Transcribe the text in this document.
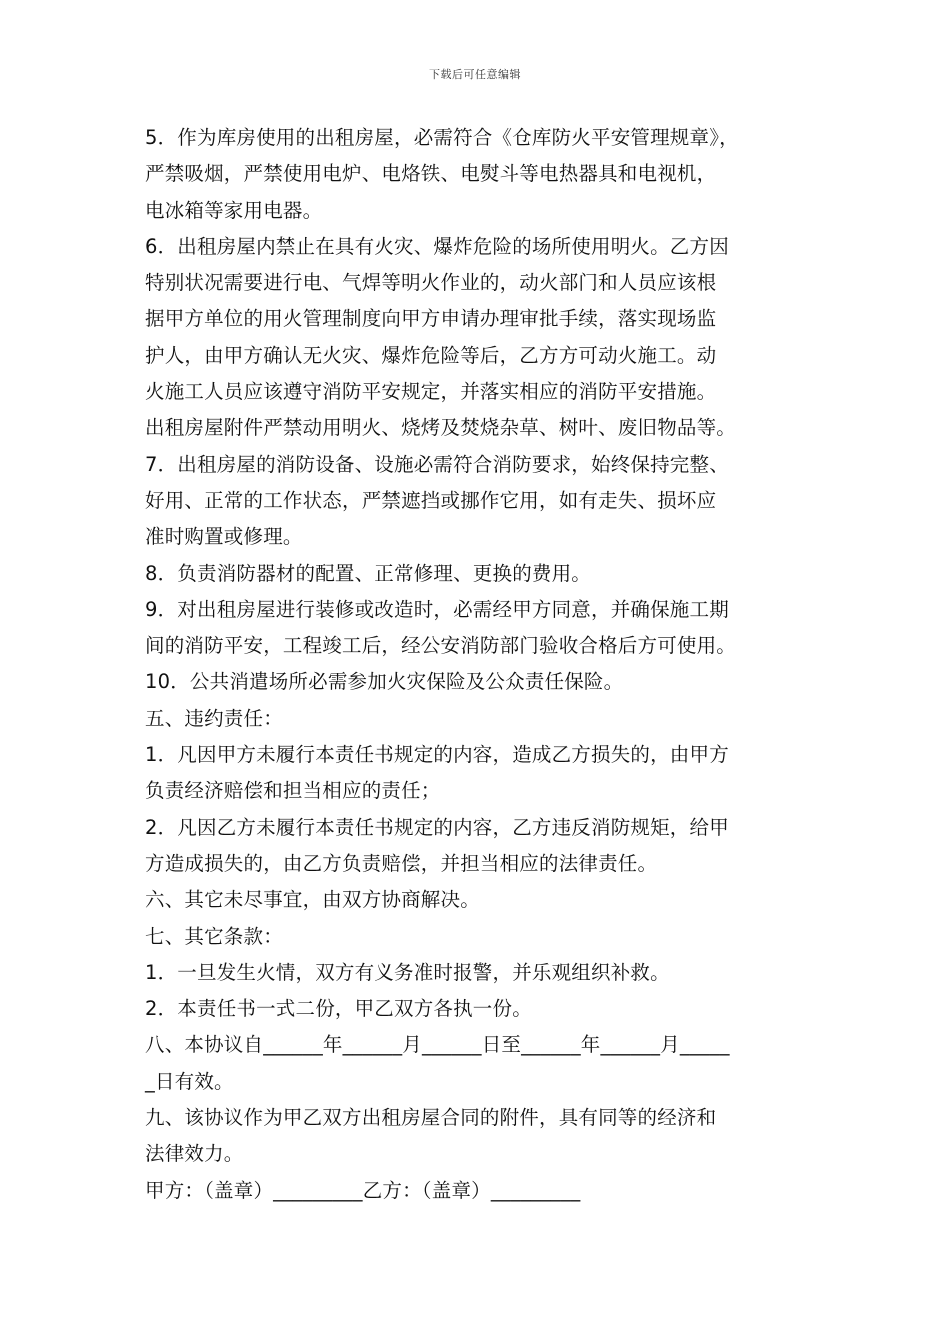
下载后可任意编辑
5．作为库房使用的出租房屋，必需符合《仓库防火平安管理规章》，
严禁吸烟，严禁使用电炉、电烙铁、电熨斗等电热器具和电视机，
电冰箱等家用电器。
6．出租房屋内禁止在具有火灾、爆炸危险的场所使用明火。乙方因
特别状况需要进行电、气焊等明火作业的，动火部门和人员应该根
据甲方单位的用火管理制度向甲方申请办理审批手续，落实现场监
护人，由甲方确认无火灾、爆炸危险等后，乙方方可动火施工。动
火施工人员应该遵守消防平安规定，并落实相应的消防平安措施。
出租房屋附件严禁动用明火、烧烤及焚烧杂草、树叶、废旧物品等。
7．出租房屋的消防设备、设施必需符合消防要求，始终保持完整、
好用、正常的工作状态，严禁遮挡或挪作它用，如有走失、损坏应
准时购置或修理。
8．负责消防器材的配置、正常修理、更换的费用。
9．对出租房屋进行装修或改造时，必需经甲方同意，并确保施工期
间的消防平安，工程竣工后，经公安消防部门验收合格后方可使用。
10．公共消遣场所必需参加火灾保险及公众责任保险。
五、违约责任：
1．凡因甲方未履行本责任书规定的内容，造成乙方损失的，由甲方
负责经济赔偿和担当相应的责任；
2．凡因乙方未履行本责任书规定的内容，乙方违反消防规矩，给甲
方造成损失的，由乙方负责赔偿，并担当相应的法律责任。
六、其它未尽事宜，由双方协商解决。
七、其它条款：
1．一旦发生火情，双方有义务准时报警，并乐观组织补救。
2．本责任书一式二份，甲乙双方各执一份。
八、本协议自______年______月______日至______年______月_____
_日有效。
九、该协议作为甲乙双方出租房屋合同的附件，具有同等的经济和
法律效力。
甲方：（盖章）_________乙方：（盖章）_________
